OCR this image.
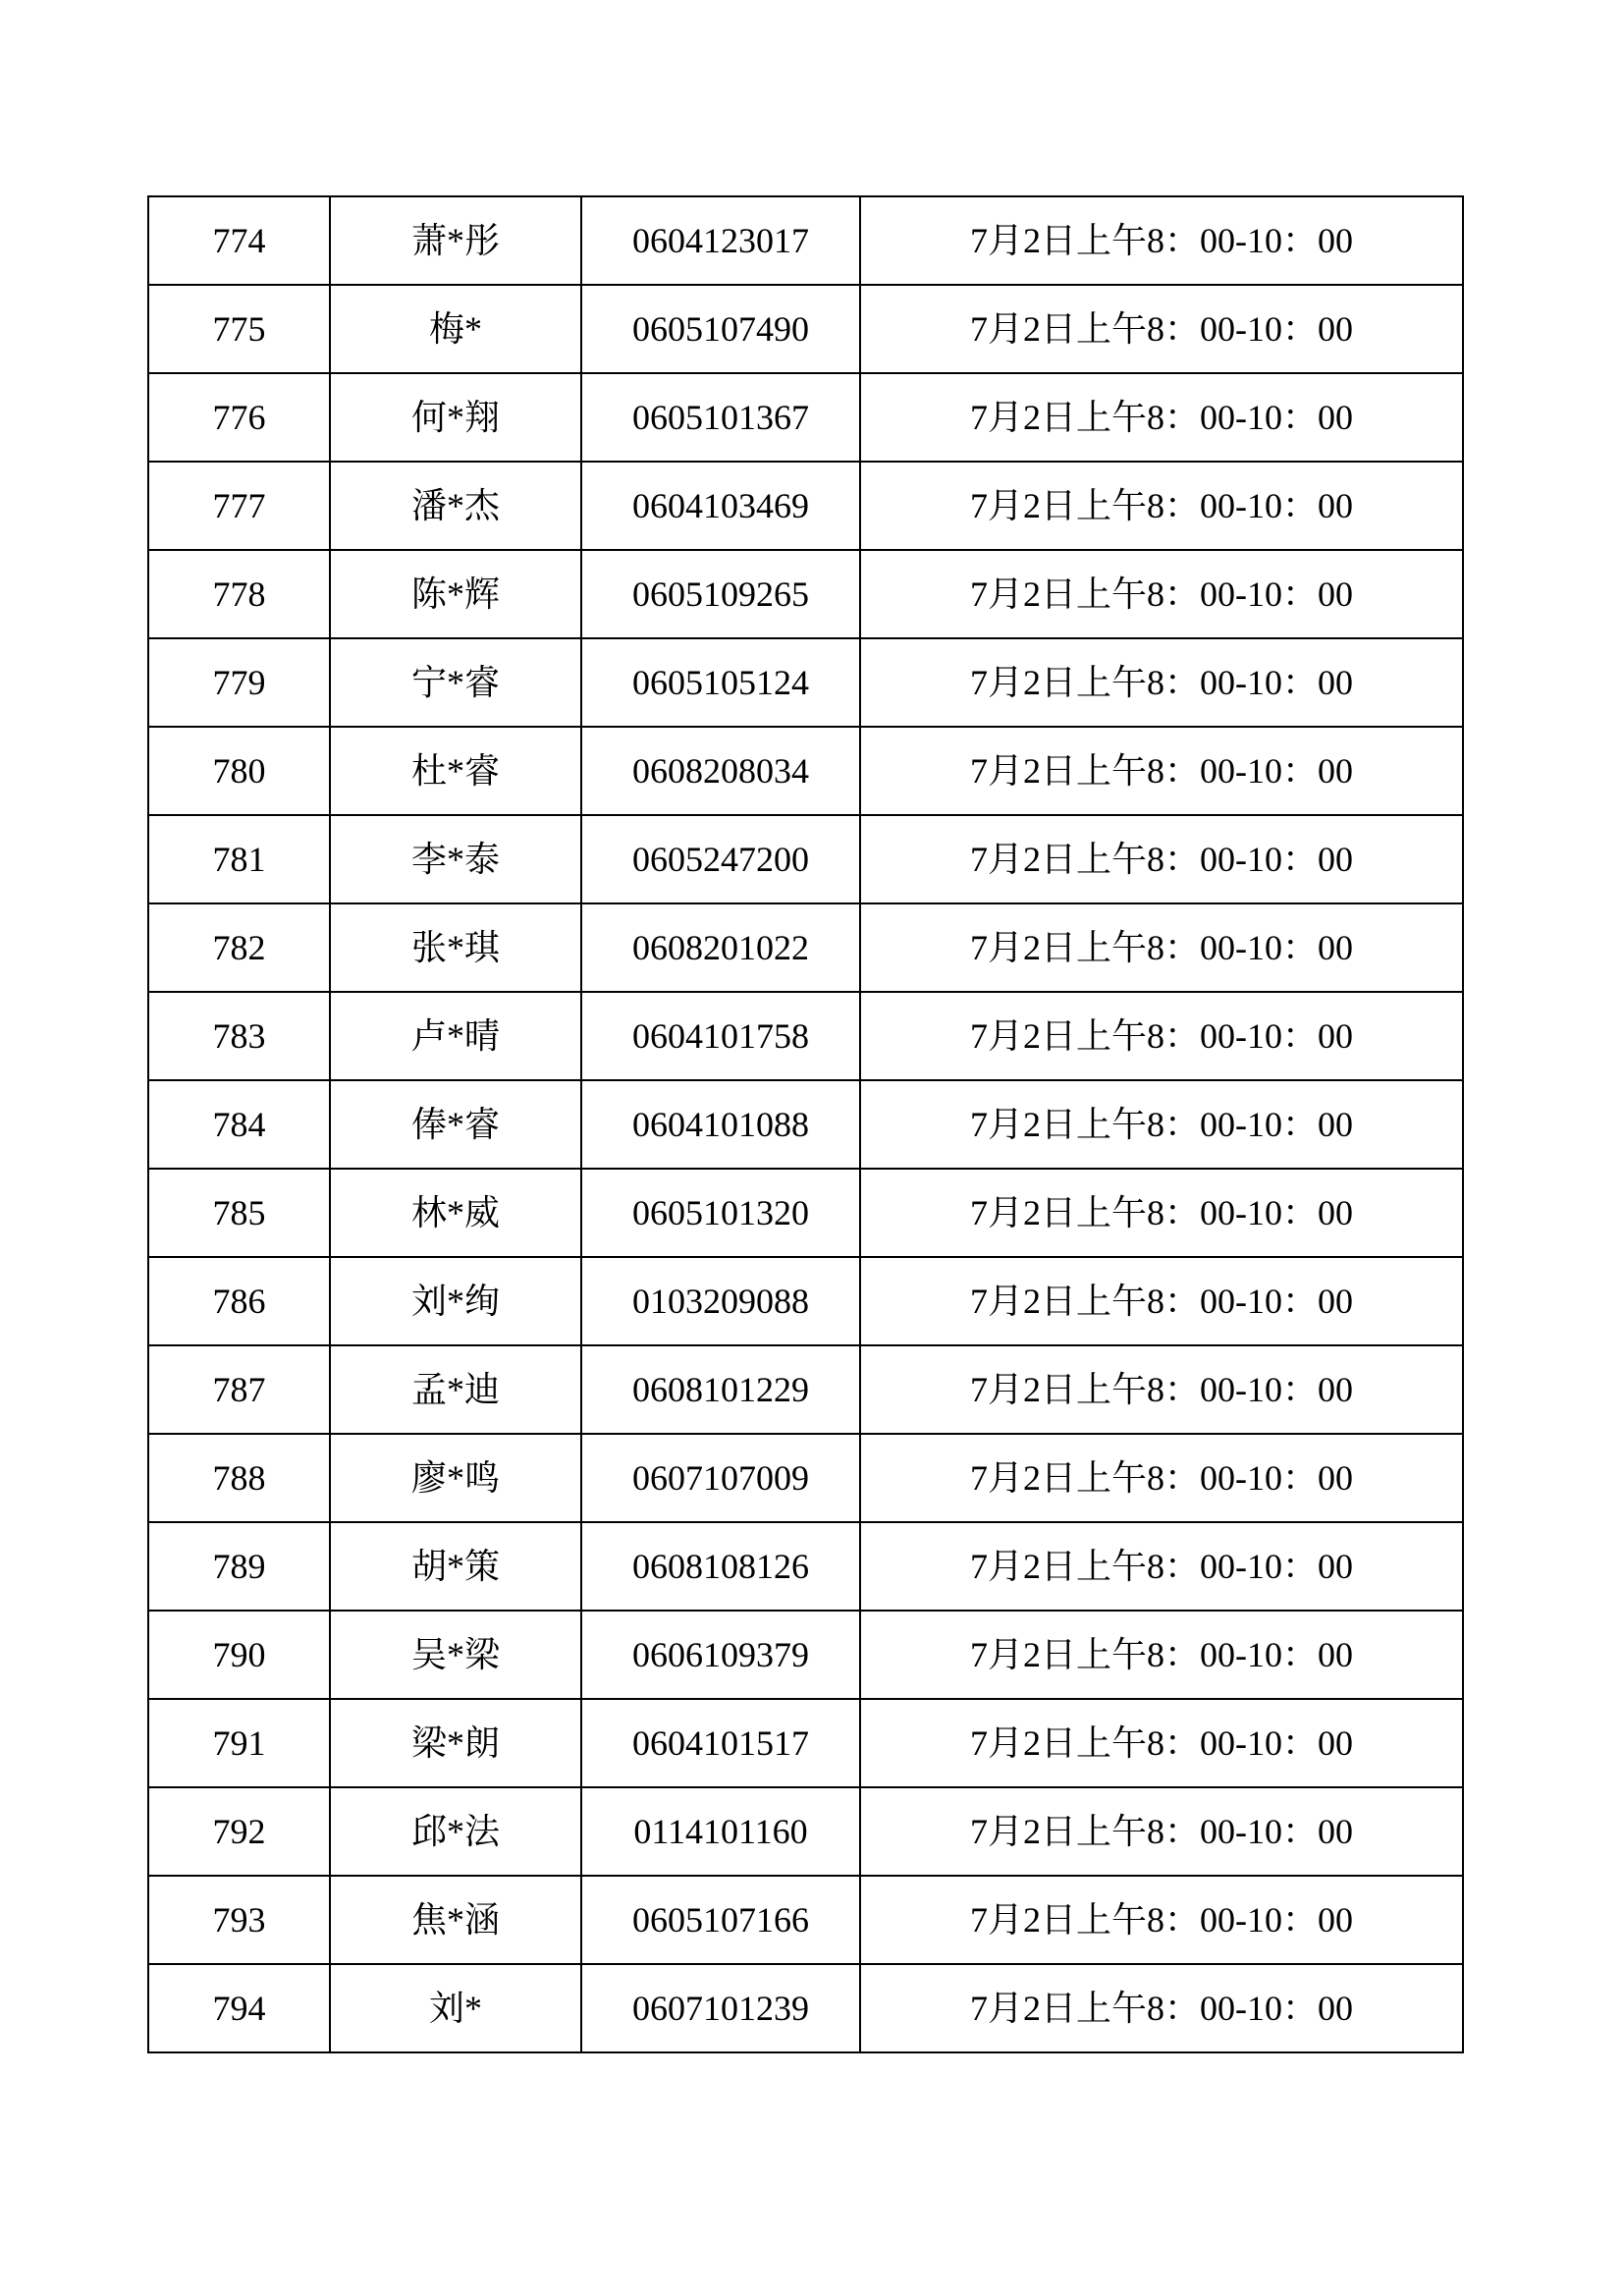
774	萧*彤	0604123017	7月2日上午8：00-10：00
775	梅*	0605107490	7月2日上午8：00-10：00
776	何*翔	0605101367	7月2日上午8：00-10：00
777	潘*杰	0604103469	7月2日上午8：00-10：00
778	陈*辉	0605109265	7月2日上午8：00-10：00
779	宁*睿	0605105124	7月2日上午8：00-10：00
780	杜*睿	0608208034	7月2日上午8：00-10：00
781	李*泰	0605247200	7月2日上午8：00-10：00
782	张*琪	0608201022	7月2日上午8：00-10：00
783	卢*晴	0604101758	7月2日上午8：00-10：00
784	俸*睿	0604101088	7月2日上午8：00-10：00
785	林*威	0605101320	7月2日上午8：00-10：00
786	刘*绚	0103209088	7月2日上午8：00-10：00
787	孟*迪	0608101229	7月2日上午8：00-10：00
788	廖*鸣	0607107009	7月2日上午8：00-10：00
789	胡*策	0608108126	7月2日上午8：00-10：00
790	吴*梁	0606109379	7月2日上午8：00-10：00
791	梁*朗	0604101517	7月2日上午8：00-10：00
792	邱*法	0114101160	7月2日上午8：00-10：00
793	焦*涵	0605107166	7月2日上午8：00-10：00
794	刘*	0607101239	7月2日上午8：00-10：00
